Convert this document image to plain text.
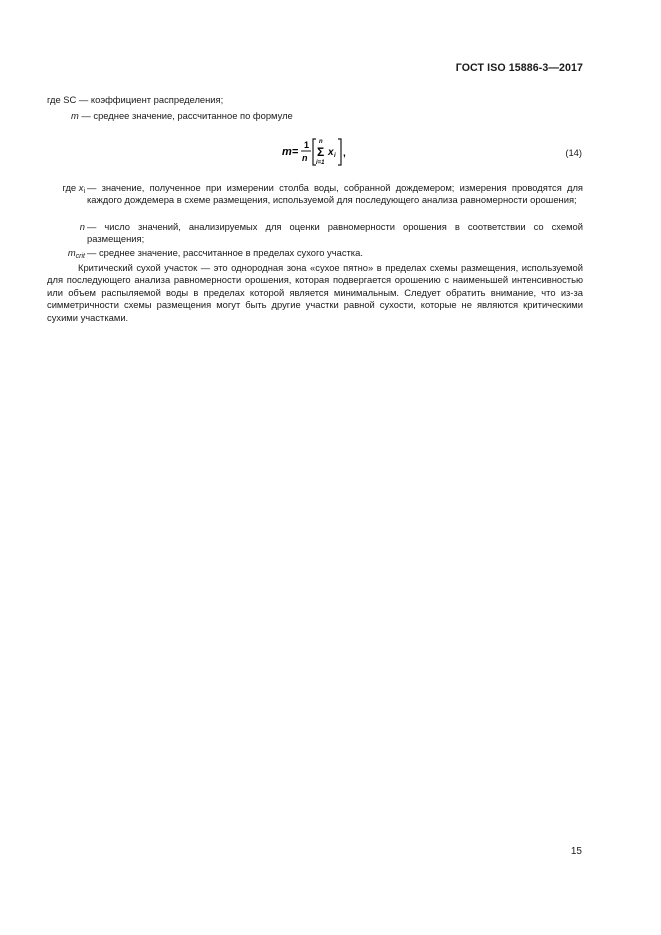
ГОСТ ISO 15886-3—2017
где SC — коэффициент распределения;
m — среднее значение, рассчитанное по формуле
m =
1
n
n
Σ
i=1
x i ,	(14)
где $x_i$ — значение, полученное при измерении столба воды, собранной дождемером; измерения проводятся для каждого дождемера в схеме размещения, используемой для последующего анализа равномерности орошения;
n — число значений, анализируемых для оценки равномерности орошения в соответствии со схемой размещения;
$m_{crit}$ — среднее значение, рассчитанное в пределах сухого участка.
Критический сухой участок — это однородная зона «сухое пятно» в пределах схемы размещения, используемой для последующего анализа равномерности орошения, которая подвергается орошению с наименьшей интенсивностью или объем распыляемой воды в пределах которой является минимальным. Следует обратить внимание, что из-за симметричности схемы размещения могут быть другие участки равной сухости, которые не являются критическими сухими участками.
15
